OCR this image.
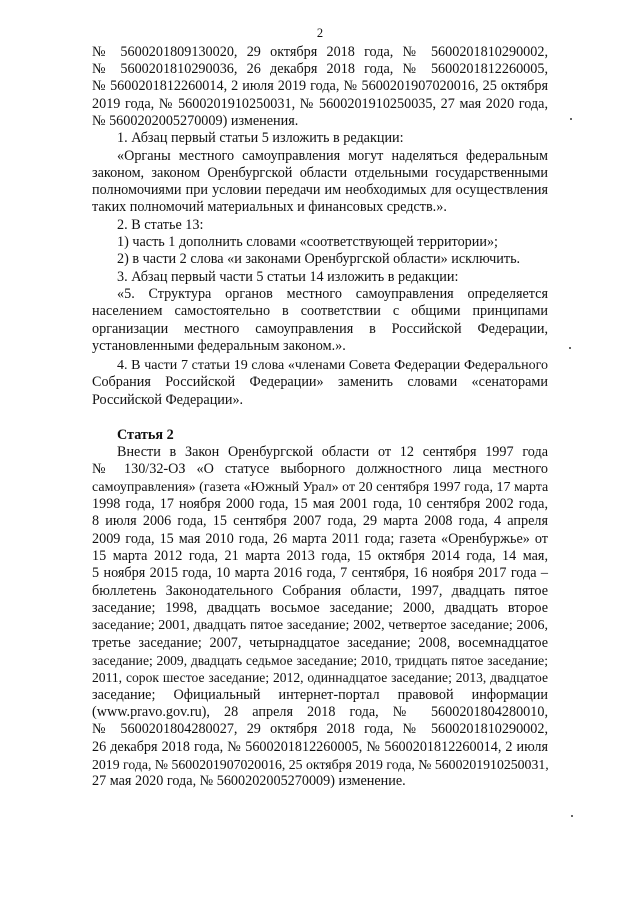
2
№ 5600201809130020, 29 октября 2018 года, № 5600201810290002,
№ 5600201810290036, 26 декабря 2018 года, № 5600201812260005,
№ 5600201812260014, 2 июля 2019 года, № 5600201907020016, 25 октября
2019 года, № 5600201910250031, № 5600201910250035, 27 мая 2020 года,
№ 5600202005270009) изменения.
1. Абзац первый статьи 5 изложить в редакции:
«Органы местного самоуправления могут наделяться федеральным
законом, законом Оренбургской области отдельными государственными
полномочиями при условии передачи им необходимых для осуществления
таких полномочий материальных и финансовых средств.».
2. В статье 13:
1) часть 1 дополнить словами «соответствующей территории»;
2) в части 2 слова «и законами Оренбургской области» исключить.
3. Абзац первый части 5 статьи 14 изложить в редакции:
«5. Структура органов местного самоуправления определяется
населением самостоятельно в соответствии с общими принципами
организации местного самоуправления в Российской Федерации,
установленными федеральным законом.».
4. В части 7 статьи 19 слова «членами Совета Федерации Федерального
Собрания Российской Федерации» заменить словами «сенаторами
Российской Федерации».
Статья 2
Внести в Закон Оренбургской области от 12 сентября 1997 года
№ 130/32-ОЗ «О статусе выборного должностного лица местного
самоуправления» (газета «Южный Урал» от 20 сентября 1997 года, 17 марта
1998 года, 17 ноября 2000 года, 15 мая 2001 года, 10 сентября 2002 года,
8 июля 2006 года, 15 сентября 2007 года, 29 марта 2008 года, 4 апреля
2009 года, 15 мая 2010 года, 26 марта 2011 года; газета «Оренбуржье» от
15 марта 2012 года, 21 марта 2013 года, 15 октября 2014 года, 14 мая,
5 ноября 2015 года, 10 марта 2016 года, 7 сентября, 16 ноября 2017 года –
бюллетень Законодательного Собрания области, 1997, двадцать пятое
заседание; 1998, двадцать восьмое заседание; 2000, двадцать второе
заседание; 2001, двадцать пятое заседание; 2002, четвертое заседание; 2006,
третье заседание; 2007, четырнадцатое заседание; 2008, восемнадцатое
заседание; 2009, двадцать седьмое заседание; 2010, тридцать пятое заседание;
2011, сорок шестое заседание; 2012, одиннадцатое заседание; 2013, двадцатое
заседание; Официальный интернет-портал правовой информации
(www.pravo.gov.ru), 28 апреля 2018 года, № 5600201804280010,
№ 5600201804280027, 29 октября 2018 года, № 5600201810290002,
26 декабря 2018 года, № 5600201812260005, № 5600201812260014, 2 июля
2019 года, № 5600201907020016, 25 октября 2019 года, № 5600201910250031,
27 мая 2020 года, № 5600202005270009) изменение.
